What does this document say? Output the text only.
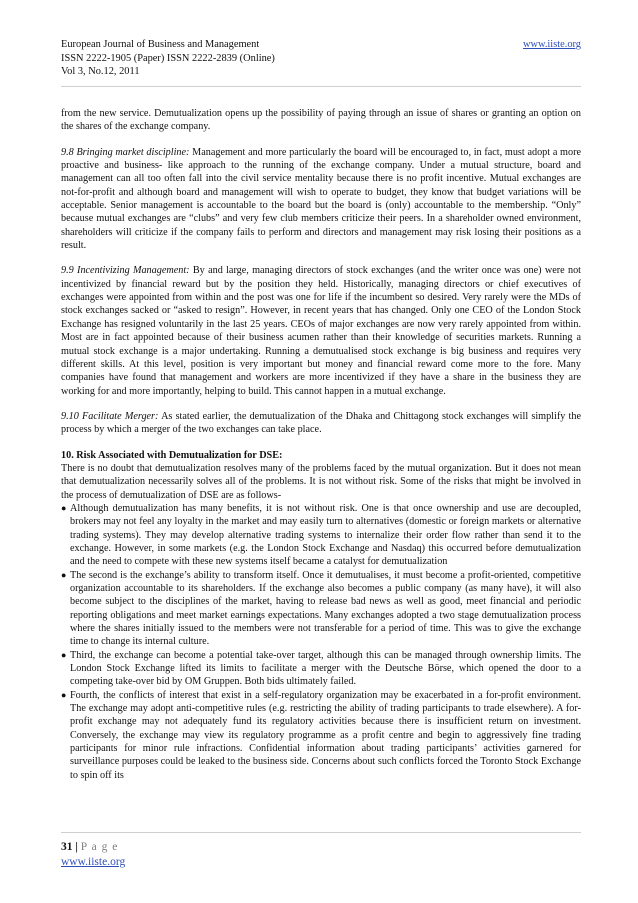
European Journal of Business and Management
ISSN 2222-1905 (Paper) ISSN 2222-2839 (Online)
Vol 3, No.12, 2011
www.iiste.org

from the new service. Demutualization opens up the possibility of paying through an issue of shares or granting an option on the shares of the exchange company.

9.8 Bringing market discipline: Management and more particularly the board will be encouraged to, in fact, must adopt a more proactive and business- like approach to the running of the exchange company. Under a mutual structure, board and management can all too often fall into the civil service mentality because there is no profit incentive. Mutual exchanges are not-for-profit and although board and management will wish to operate to budget, they know that budget variations will be acceptable. Senior management is accountable to the board but the board is (only) accountable to the membership. “Only” because mutual exchanges are “clubs” and very few club members criticize their peers. In a shareholder owned environment, shareholders will criticize if the company fails to perform and directors and management may risk losing their positions as a result.

9.9 Incentivizing Management: By and large, managing directors of stock exchanges (and the writer once was one) were not incentivized by financial reward but by the position they held. Historically, managing directors or chief executives of exchanges were appointed from within and the post was one for life if the incumbent so desired. Very rarely were the MDs of stock exchanges sacked or “asked to resign”. However, in recent years that has changed. Only one CEO of the London Stock Exchange has resigned voluntarily in the last 25 years. CEOs of major exchanges are now very rarely appointed from within. Most are in fact appointed because of their business acumen rather than their knowledge of securities markets. Running a mutual stock exchange is a major undertaking. Running a demutualised stock exchange is big business and requires very different skills. At this level, position is very important but money and financial reward come more to the fore. Many companies have found that management and workers are more incentivized if they have a share in the business they are working for and more importantly, helping to build. This cannot happen in a mutual exchange.

9.10 Facilitate Merger: As stated earlier, the demutualization of the Dhaka and Chittagong stock exchanges will simplify the process by which a merger of the two exchanges can take place.

10. Risk Associated with Demutualization for DSE:

There is no doubt that demutualization resolves many of the problems faced by the mutual organization. But it does not mean that demutualization necessarily solves all of the problems. It is not without risk. Some of the risks that might be involved in the process of demutualization of DSE are as follows-

● Although demutualization has many benefits, it is not without risk. One is that once ownership and use are decoupled, brokers may not feel any loyalty in the market and may easily turn to alternatives (domestic or foreign markets or alternative trading systems). They may develop alternative trading systems to internalize their order flow rather than send it to the exchange. However, in some markets (e.g. the London Stock Exchange and Nasdaq) this occurred before demutualization and the need to compete with these new systems itself became a catalyst for demutualization
● The second is the exchange’s ability to transform itself. Once it demutualises, it must become a profit-oriented, competitive organization accountable to its shareholders. If the exchange also becomes a public company (as many have), it will also become subject to the disciplines of the market, having to release bad news as well as good, meet financial and periodic reporting obligations and meet market earnings expectations. Many exchanges adopted a two stage demutualization process where the shares initially issued to the members were not transferable for a period of time. This was to give the exchange time to change its internal culture.
● Third, the exchange can become a potential take-over target, although this can be managed through ownership limits. The London Stock Exchange lifted its limits to facilitate a merger with the Deutsche Börse, which opened the door to a competing take-over bid by OM Gruppen. Both bids ultimately failed.
● Fourth, the conflicts of interest that exist in a self-regulatory organization may be exacerbated in a for-profit environment. The exchange may adopt anti-competitive rules (e.g. restricting the ability of trading participants to trade elsewhere). A for-profit exchange may not adequately fund its regulatory activities because there is insufficient return on investment. Conversely, the exchange may view its regulatory programme as a profit centre and begin to aggressively fine trading participants for minor rule infractions. Confidential information about trading participants’ activities garnered for surveillance purposes could be leaked to the business side. Concerns about such conflicts forced the Toronto Stock Exchange to spin off its
31 | P a g e
www.iiste.org
